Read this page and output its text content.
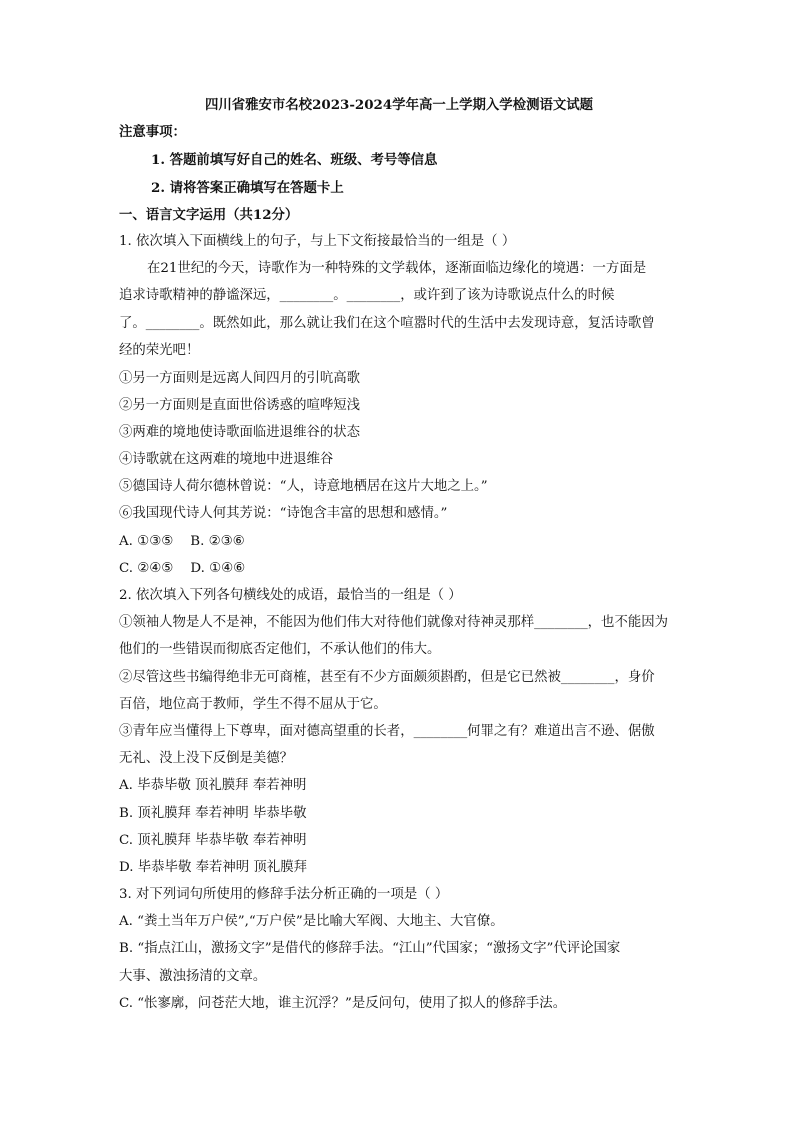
四川省雅安市名校2023-2024学年高一上学期入学检测语文试题
注意事项：
1. 答题前填写好自己的姓名、班级、考号等信息
2. 请将答案正确填写在答题卡上
一、语言文字运用（共12分）
1. 依次填入下面横线上的句子，与上下文衔接最恰当的一组是（ ）
在21世纪的今天，诗歌作为一种特殊的文学载体，逐渐面临边缘化的境遇：一方面是
追求诗歌精神的静谧深远，________。________，或许到了该为诗歌说点什么的时候
了。________。既然如此，那么就让我们在这个喧嚣时代的生活中去发现诗意，复活诗歌曾
经的荣光吧！
①另一方面则是远离人间四月的引吭高歌
②另一方面则是直面世俗诱惑的喧哗短浅
③两难的境地使诗歌面临进退维谷的状态
④诗歌就在这两难的境地中进退维谷
⑤德国诗人荷尔德林曾说：“人，诗意地栖居在这片大地之上。”
⑥我国现代诗人何其芳说：“诗饱含丰富的思想和感情。”
A. ①③⑤    B. ②③⑥
C. ②④⑤    D. ①④⑥
2. 依次填入下列各句横线处的成语，最恰当的一组是（ ）
①领袖人物是人不是神，不能因为他们伟大对待他们就像对待神灵那样________，也不能因为
他们的一些错误而彻底否定他们，不承认他们的伟大。
②尽管这些书编得绝非无可商榷，甚至有不少方面颇须斟酌，但是它已然被________，身价
百倍，地位高于教师，学生不得不屈从于它。
③青年应当懂得上下尊卑，面对德高望重的长者，________何罪之有？难道出言不逊、倨傲
无礼、没上没下反倒是美德？
A. 毕恭毕敬 顶礼膜拜 奉若神明
B. 顶礼膜拜 奉若神明 毕恭毕敬
C. 顶礼膜拜 毕恭毕敬 奉若神明
D. 毕恭毕敬 奉若神明 顶礼膜拜
3. 对下列词句所使用的修辞手法分析正确的一项是（ ）
A. “粪土当年万户侯”,“万户侯”是比喻大军阀、大地主、大官僚。
B. “指点江山，激扬文字”是借代的修辞手法。“江山”代国家；“激扬文字”代评论国家
大事、激浊扬清的文章。
C. “怅寥廓，问苍茫大地，谁主沉浮？”是反问句，使用了拟人的修辞手法。
